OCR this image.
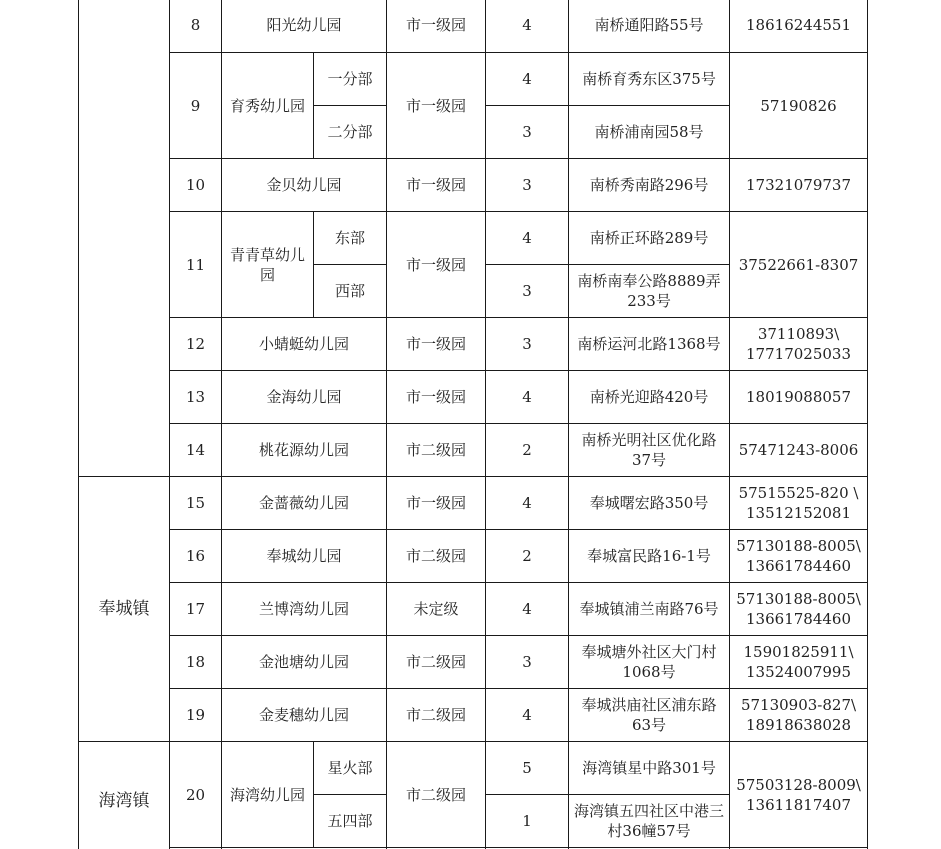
	8	阳光幼儿园		市一级园	4	南桥通阳路55号	18616244551

	9	育秀幼儿园	一分部	市一级园	4	南桥育秀东区375号	57190826

			二分部		3	南桥浦南园58号	
	10	金贝幼儿园		市一级园	3	南桥秀南路296号	17321079737

	11	青青草幼儿园	东部	市一级园	4	南桥正环路289号	37522661-8307

			西部		3	南桥南奉公路8889弄233号	
	12	小蜻蜓幼儿园		市一级园	3	南桥运河北路1368号	37110893\
17717025033

	13	金海幼儿园		市一级园	4	南桥光迎路420号	18019088057

	14	桃花源幼儿园		市二级园	2	南桥光明社区优化路37号	57471243-8006

奉城镇	15	金蔷薇幼儿园		市一级园	4	奉城曙宏路350号	57515525-820 \
13512152081

	16	奉城幼儿园		市二级园	2	奉城富民路16-1号	57130188-8005\
13661784460

	17	兰博湾幼儿园		未定级	4	奉城镇浦兰南路76号	57130188-8005\
13661784460

	18	金池塘幼儿园		市二级园	3	奉城塘外社区大门村1068号	15901825911\
13524007995

	19	金麦穗幼儿园		市二级园	4	奉城洪庙社区浦东路63号	57130903-827\
18918638028

海湾镇	20	海湾幼儿园	星火部	市二级园	5	海湾镇星中路301号	57503128-8009\
13611817407

			五四部		1	海湾镇五四社区中港三村36幢57号	
